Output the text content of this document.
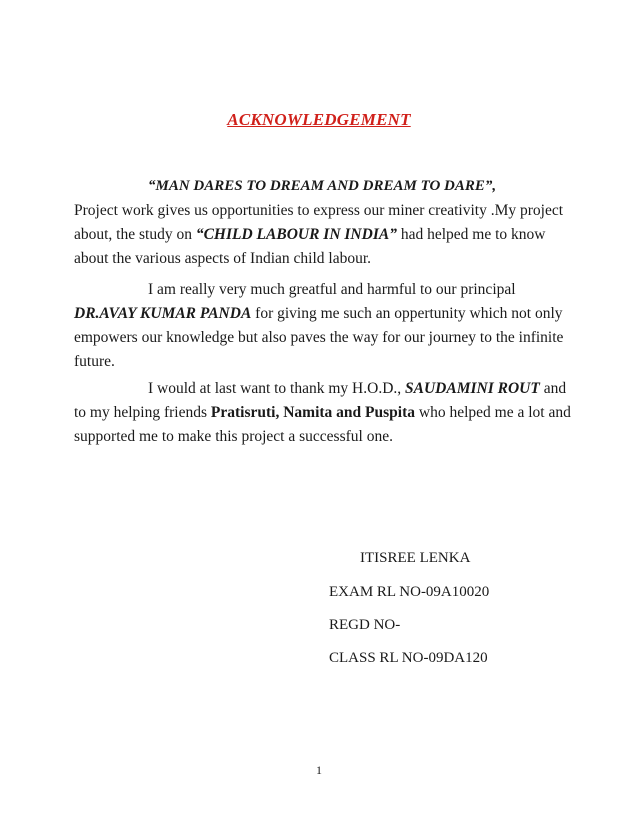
ACKNOWLEDGEMENT
“MAN DARES TO DREAM AND DREAM TO DARE”,

Project work gives us opportunities to express our miner creativity .My project about, the study on “CHILD LABOUR IN INDIA” had helped me to know about the various aspects of Indian child labour.

I am really very much greatful and harmful to our principal DR.AVAY KUMAR PANDA for giving me such an oppertunity which not only empowers our knowledge but also paves the way for our journey to the infinite future.

I would at last want to thank my H.O.D., SAUDAMINI ROUT and to my helping friends Pratisruti, Namita and Puspita who helped me a lot and supported me to make this project a successful one.

ITISREE LENKA
EXAM RL NO-09A10020
REGD NO-
CLASS RL NO-09DA120
1
